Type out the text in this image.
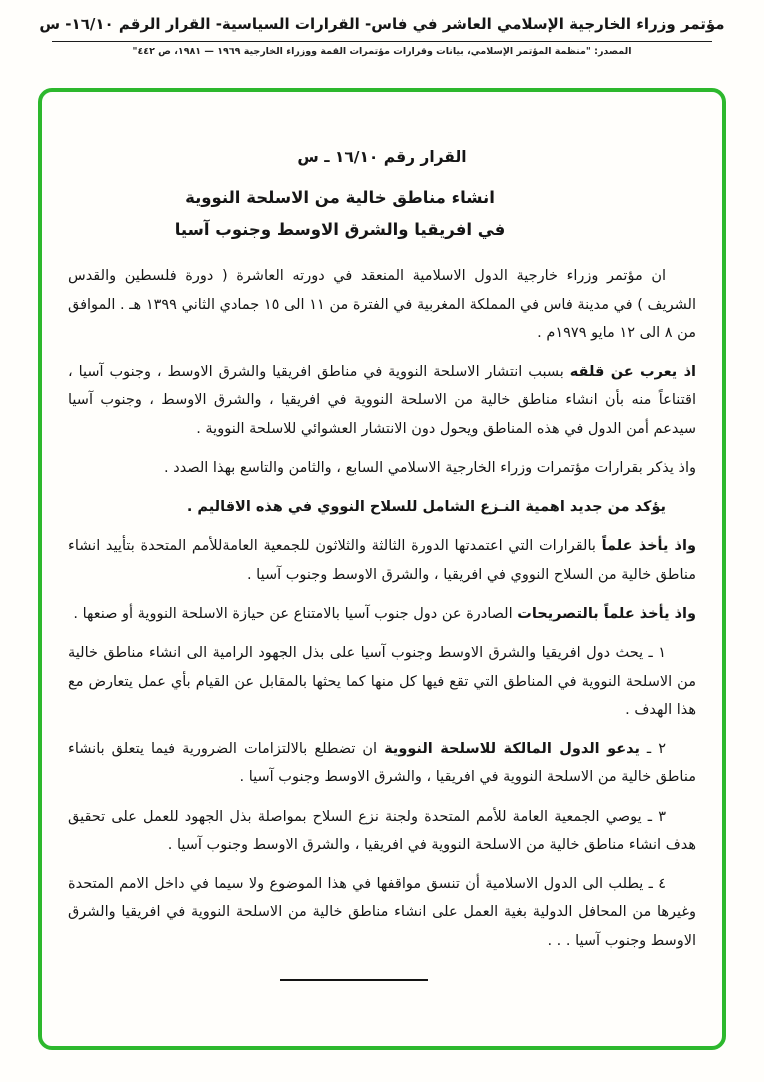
مؤتمر وزراء الخارجية الإسلامي العاشر في فاس- القرارات السياسية- القرار الرقم ١٦/١٠- س
المصدر: "منظمة المؤتمر الإسلامي، بيانات وقرارات مؤتمرات القمة ووزراء الخارجية ١٩٦٩ — ١٩٨١، ص ٤٤٢"
القرار رقم ١٦/١٠ ـ س
انشاء مناطق خالية من الاسلحة النووية
في افريقيا والشرق الاوسط وجنوب آسيا
ان مؤتمر وزراء خارجية الدول الاسلامية المنعقد في دورته العاشرة ( دورة فلسطين والقدس الشريف ) في مدينة فاس في المملكة المغربية في الفترة من ١١ الى ١٥ جمادي الثاني ١٣٩٩ هـ . الموافق من ٨ الى ١٢ مايو ١٩٧٩م .
اذ يعرب عن قلقه بسبب انتشار الاسلحة النووية في مناطق افريقيا والشرق الاوسط ، وجنوب آسيا ، اقتناعاً منه بأن انشاء مناطق خالية من الاسلحة النووية في افريقيا ، والشرق الاوسط ، وجنوب آسيا سيدعم أمن الدول في هذه المناطق ويحول دون الانتشار العشوائي للاسلحة النووية .
واذ يذكر بقرارات مؤتمرات وزراء الخارجية الاسلامي السابع ، والثامن والتاسع بهذا الصدد .
يؤكد من جديد اهمية النـزع الشامل للسلاح النووي في هذه الاقاليم .
واذ يأخذ علماً بالقرارات التي اعتمدتها الدورة الثالثة والثلاثون للجمعية العامةللأمم المتحدة بتأييد انشاء مناطق خالية من السلاح النووي في افريقيا ، والشرق الاوسط وجنوب آسيا .
واذ يأخذ علماً بالتصريحات الصادرة عن دول جنوب آسيا بالامتناع عن حيازة الاسلحة النووية أو صنعها .
١ ـ يحث دول افريقيا والشرق الاوسط وجنوب آسيا على بذل الجهود الرامية الى انشاء مناطق خالية من الاسلحة النووية في المناطق التي تقع فيها كل منها كما يحثها بالمقابل عن القيام بأي عمل يتعارض مع هذا الهدف .
٢ ـ يدعو الدول المالكة للاسلحة النووية ان تضطلع بالالتزامات الضرورية فيما يتعلق بانشاء مناطق خالية من الاسلحة النووية في افريقيا ، والشرق الاوسط وجنوب آسيا .
٣ ـ يوصي الجمعية العامة للأمم المتحدة ولجنة نزع السلاح بمواصلة بذل الجهود للعمل على تحقيق هدف انشاء مناطق خالية من الاسلحة النووية في افريقيا ، والشرق الاوسط وجنوب آسيا .
٤ ـ يطلب الى الدول الاسلامية أن تنسق مواقفها في هذا الموضوع ولا سيما في داخل الامم المتحدة وغيرها من المحافل الدولية بغية العمل على انشاء مناطق خالية من الاسلحة النووية في افريقيا والشرق الاوسط وجنوب آسيا . . .
